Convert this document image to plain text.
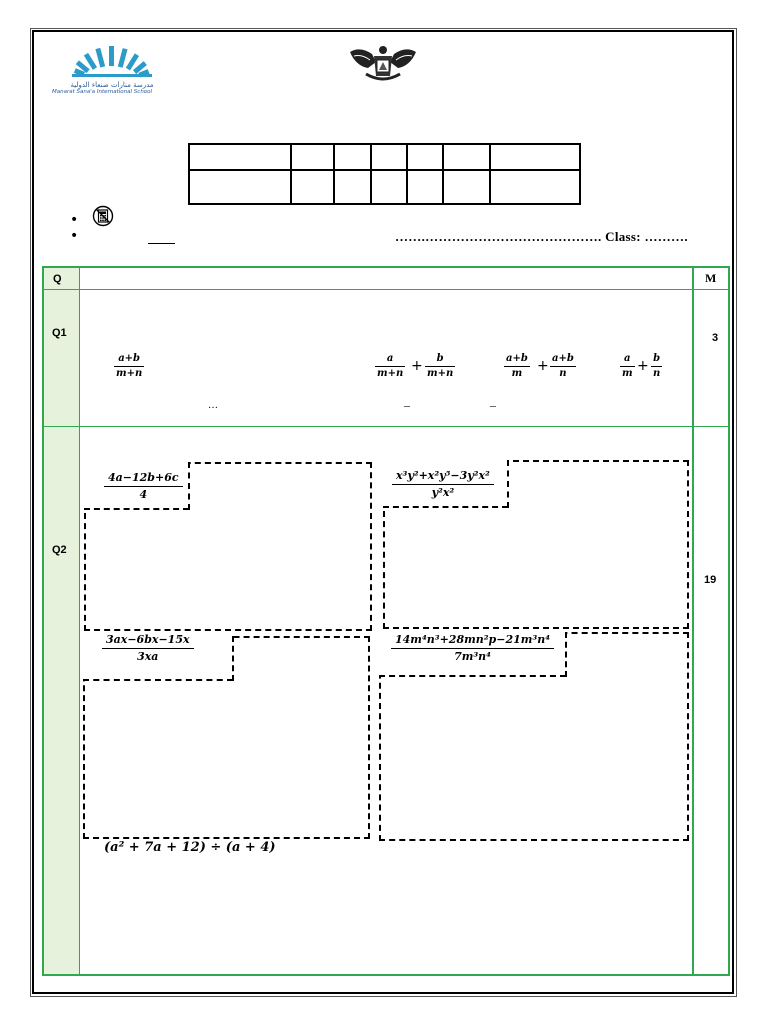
مدرسة منارات صنعاء الدولية
Manarat Sana'a International School

•
•	…….…………………………………. Class: ……….
Q	M
Q1	3
$\frac{a+b}{m+n}$
…
$\frac{a}{m+n} + \frac{b}{m+n}$	$\frac{a+b}{m} + \frac{a+b}{n}$	$\frac{a}{m} + \frac{b}{n}$
–	–
Q2
19
$\frac{4a-12b+6c}{4}$	$\frac{\text{x³y²+x²y⁵−3y²x²}}{\text{y²x²}}$
$\frac{3ax-6bx-15x}{3xa}$	$\frac{\text{14m⁴n³+28mn²p−21m³n⁴}}{\text{7m³n⁴}}$
(a² + 7a + 12) ÷ (a + 4)
